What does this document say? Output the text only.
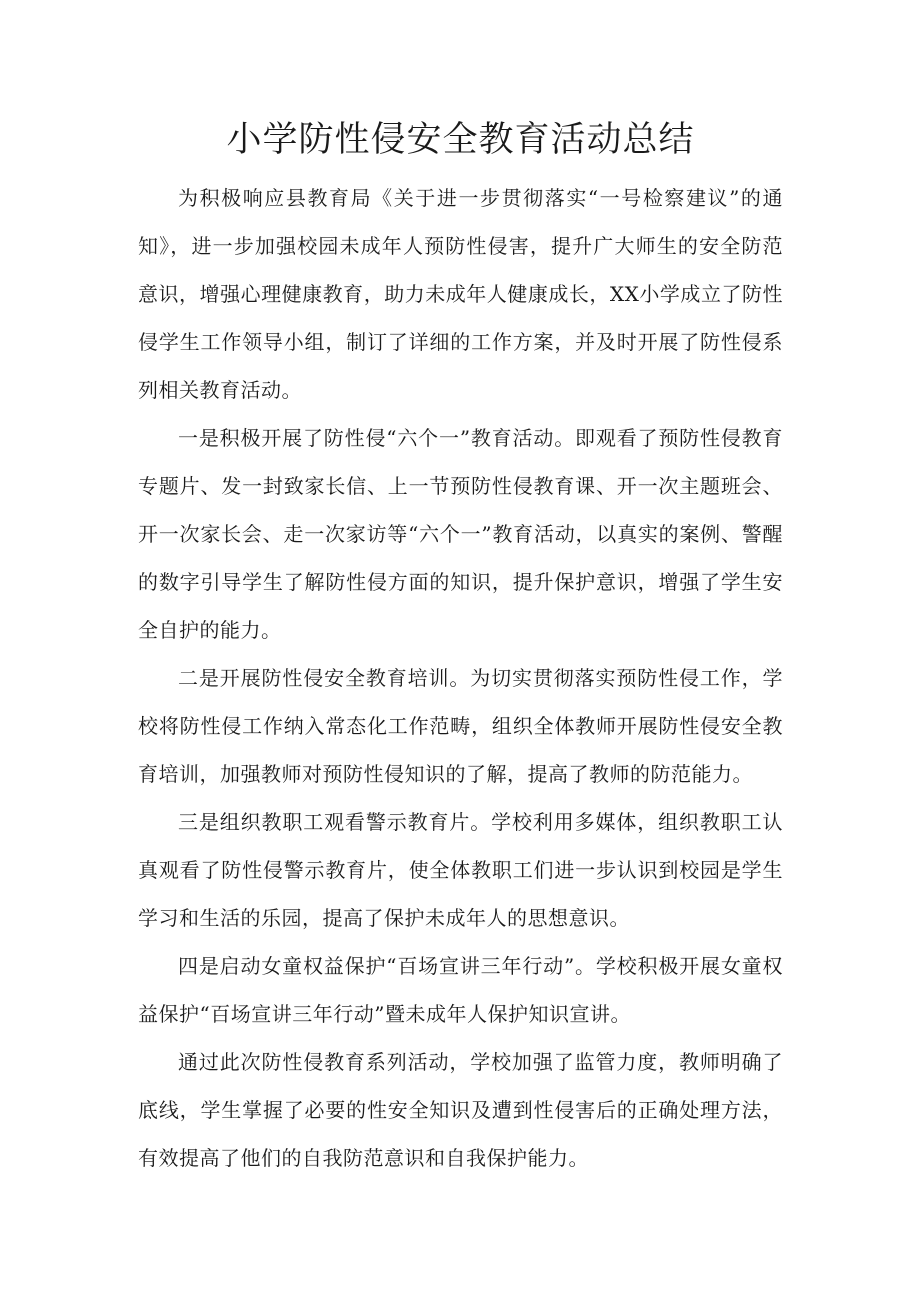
小学防性侵安全教育活动总结

为积极响应县教育局《关于进一步贯彻落实“一号检察建议”的通知》，进一步加强校园未成年人预防性侵害，提升广大师生的安全防范意识，增强心理健康教育，助力未成年人健康成长，XX小学成立了防性侵学生工作领导小组，制订了详细的工作方案，并及时开展了防性侵系列相关教育活动。

一是积极开展了防性侵“六个一”教育活动。即观看了预防性侵教育专题片、发一封致家长信、上一节预防性侵教育课、开一次主题班会、开一次家长会、走一次家访等“六个一”教育活动，以真实的案例、警醒的数字引导学生了解防性侵方面的知识，提升保护意识，增强了学生安全自护的能力。

二是开展防性侵安全教育培训。为切实贯彻落实预防性侵工作，学校将防性侵工作纳入常态化工作范畴，组织全体教师开展防性侵安全教育培训，加强教师对预防性侵知识的了解，提高了教师的防范能力。

三是组织教职工观看警示教育片。学校利用多媒体，组织教职工认真观看了防性侵警示教育片，使全体教职工们进一步认识到校园是学生学习和生活的乐园，提高了保护未成年人的思想意识。

四是启动女童权益保护“百场宣讲三年行动”。学校积极开展女童权益保护“百场宣讲三年行动”暨未成年人保护知识宣讲。

通过此次防性侵教育系列活动，学校加强了监管力度，教师明确了底线，学生掌握了必要的性安全知识及遭到性侵害后的正确处理方法，有效提高了他们的自我防范意识和自我保护能力。
